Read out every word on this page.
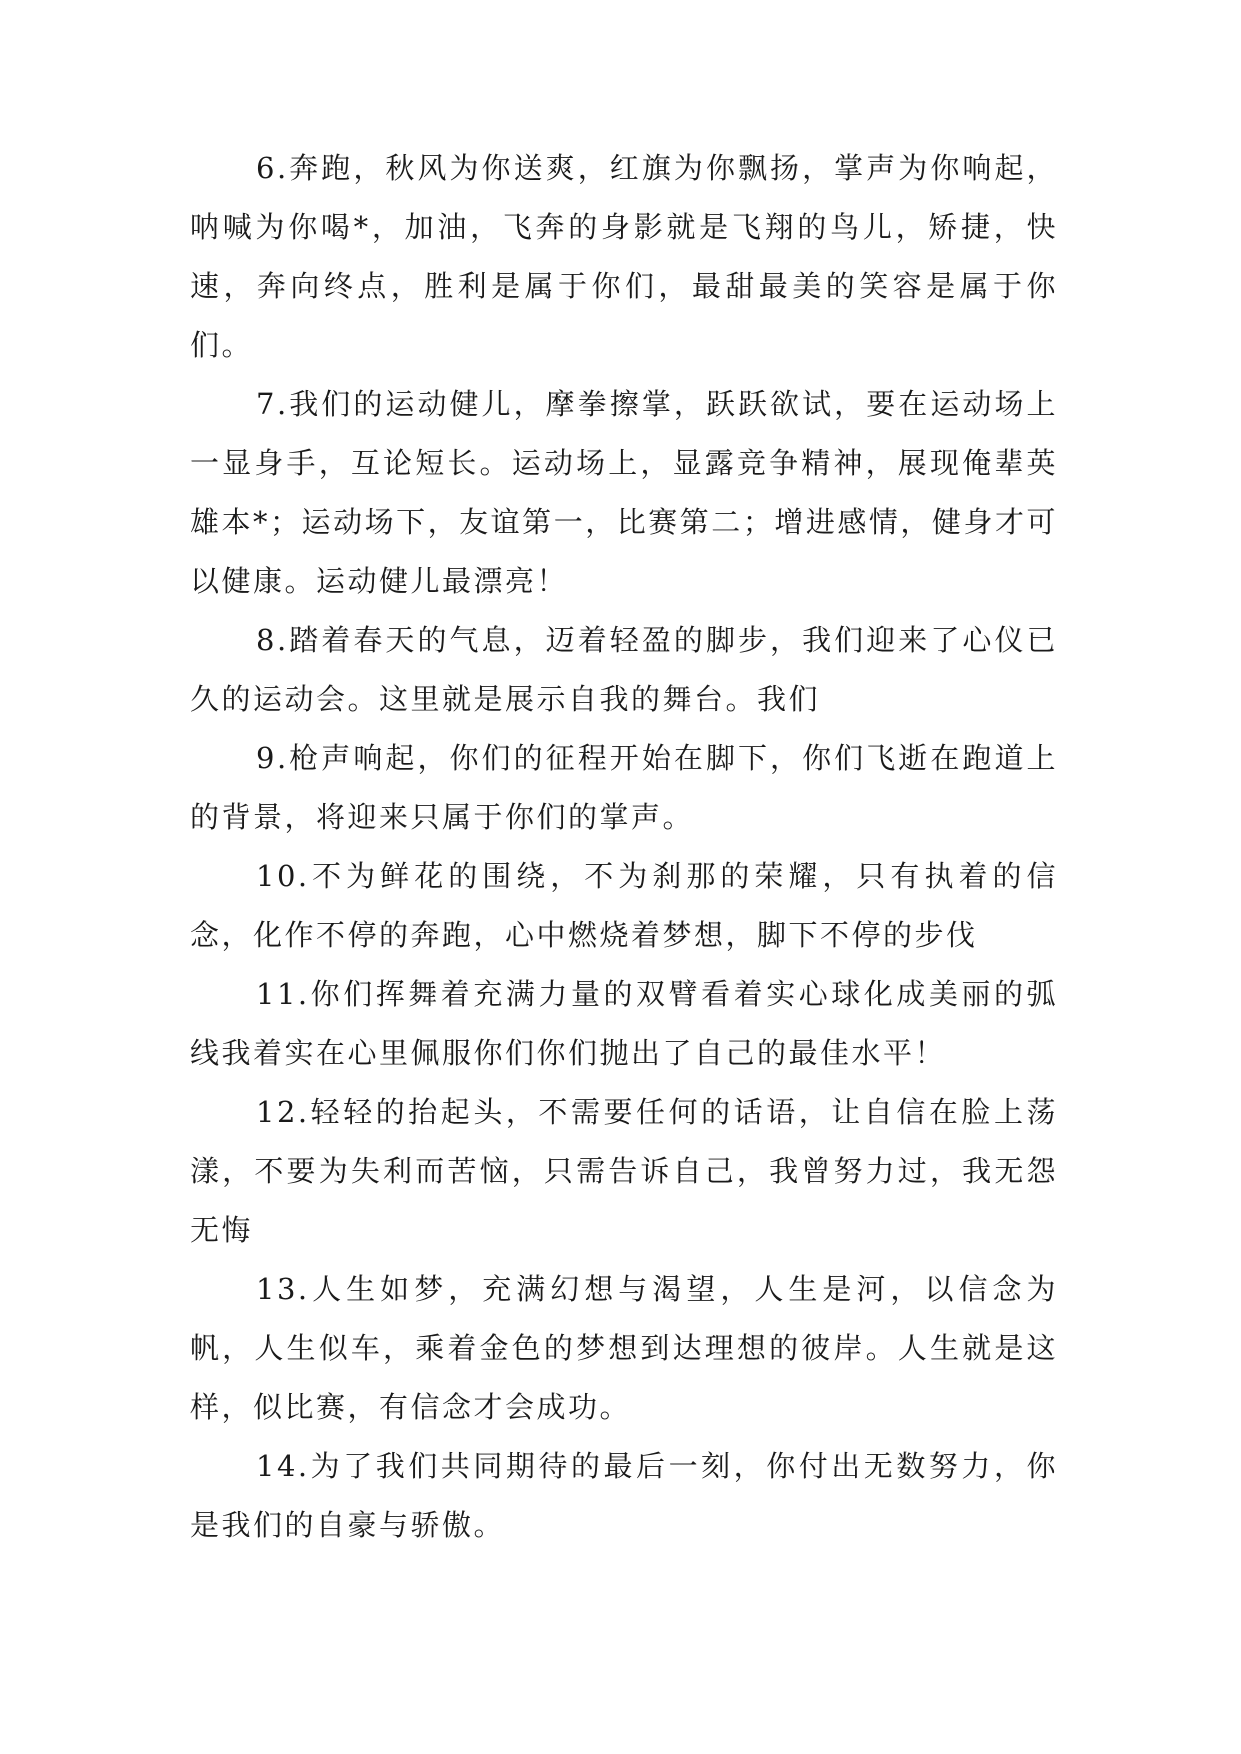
6.奔跑，秋风为你送爽，红旗为你飘扬，掌声为你响起，呐喊为你喝*，加油，飞奔的身影就是飞翔的鸟儿，矫捷，快速，奔向终点，胜利是属于你们，最甜最美的笑容是属于你们。

7.我们的运动健儿，摩拳擦掌，跃跃欲试，要在运动场上一显身手，互论短长。运动场上，显露竞争精神，展现俺辈英雄本*；运动场下，友谊第一，比赛第二；增进感情，健身才可以健康。运动健儿最漂亮！

8.踏着春天的气息，迈着轻盈的脚步，我们迎来了心仪已久的运动会。这里就是展示自我的舞台。我们

9.枪声响起，你们的征程开始在脚下，你们飞逝在跑道上的背景，将迎来只属于你们的掌声。

10.不为鲜花的围绕，不为刹那的荣耀，只有执着的信念，化作不停的奔跑，心中燃烧着梦想，脚下不停的步伐

11.你们挥舞着充满力量的双臂看着实心球化成美丽的弧线我着实在心里佩服你们你们抛出了自己的最佳水平！

12.轻轻的抬起头，不需要任何的话语，让自信在脸上荡漾，不要为失利而苦恼，只需告诉自己，我曾努力过，我无怨无悔

13.人生如梦，充满幻想与渴望，人生是河，以信念为帆，人生似车，乘着金色的梦想到达理想的彼岸。人生就是这样，似比赛，有信念才会成功。

14.为了我们共同期待的最后一刻，你付出无数努力，你是我们的自豪与骄傲。
